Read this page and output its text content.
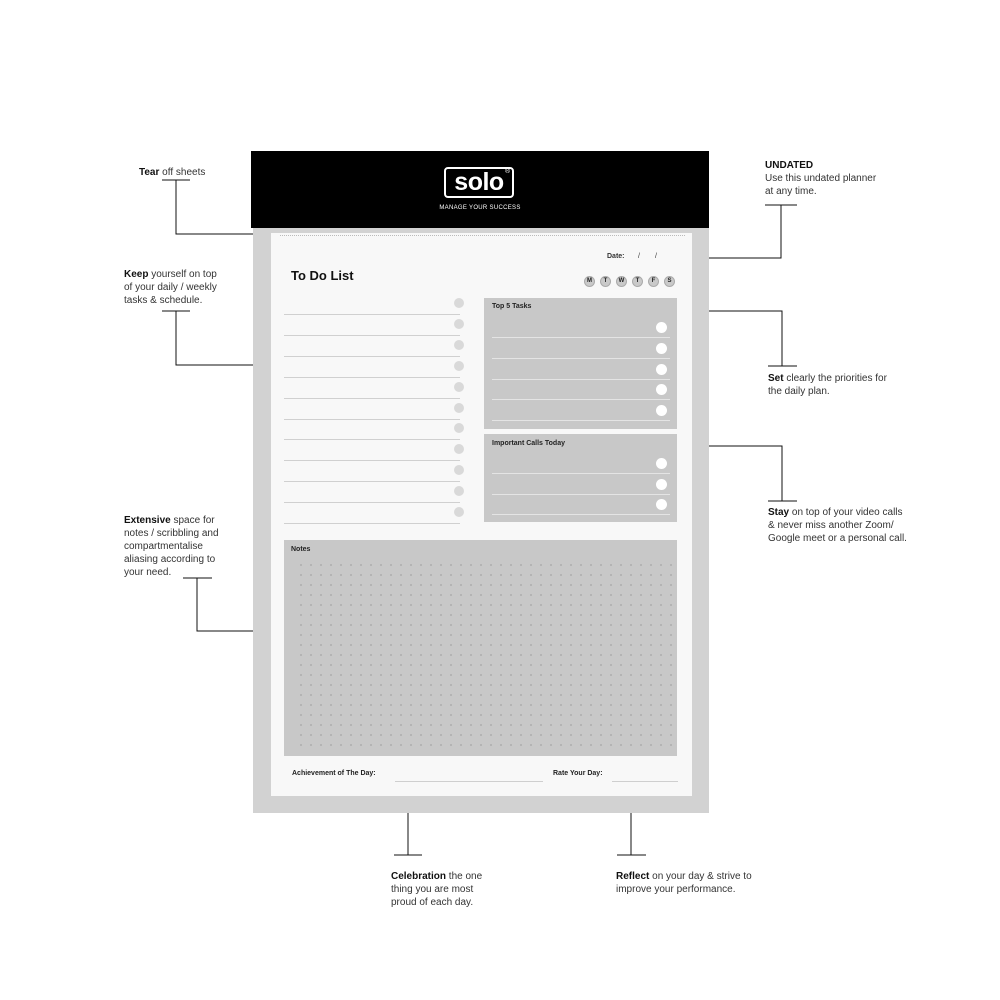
solo ®
MANAGE YOUR SUCCESS
Date: / /
To Do List	M	T	W	T	F	S
Top 5 Tasks
Important Calls Today
Notes
Achievement of The Day:	Rate Your Day:
Tear off sheets
UNDATED
Use this undated planner
at any time.
Keep yourself on top
of your daily / weekly
tasks & schedule.
Set clearly the priorities for
the daily plan.
Stay on top of your video calls
& never miss another Zoom/
Google meet or a personal call.
Extensive space for
notes / scribbling and
compartmentalise
aliasing according to
your need.
Celebration the one
thing you are most
proud of each day.
Reflect on your day & strive to
improve your performance.
